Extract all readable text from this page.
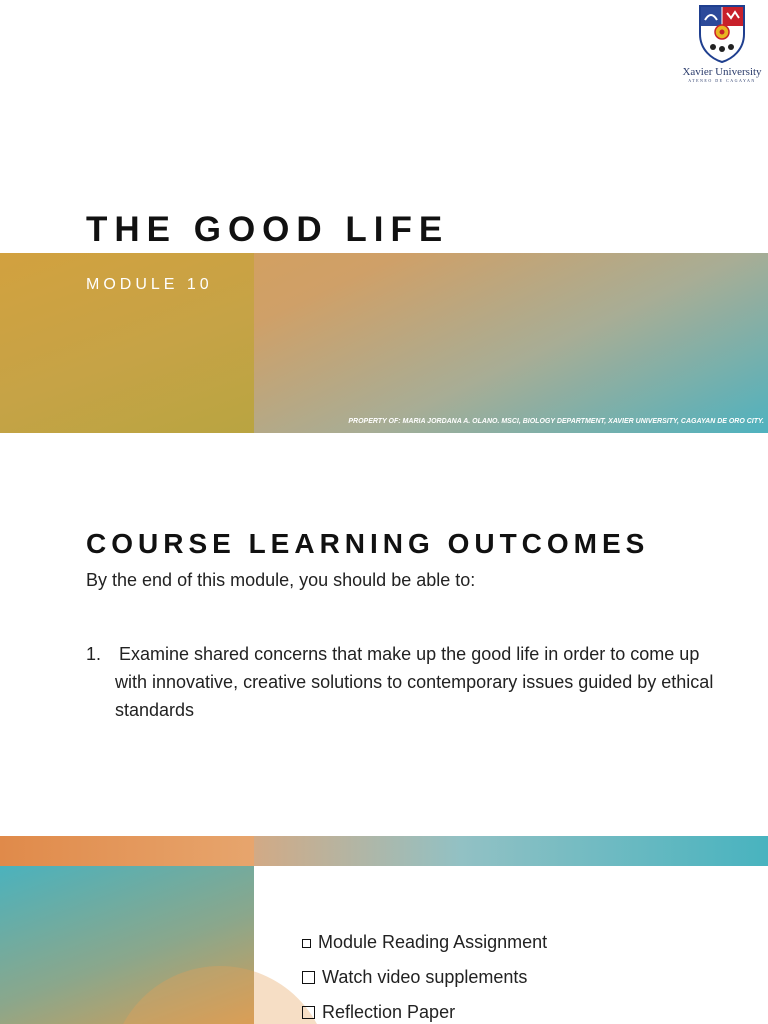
Xavier University
ATENEO DE CAGAYAN
THE GOOD LIFE
MODULE 10
PROPERTY OF: MARIA JORDANA A. OLANO. MSCI, BIOLOGY DEPARTMENT, XAVIER UNIVERSITY, CAGAYAN DE ORO CITY.
COURSE LEARNING OUTCOMES
By the end of this module, you should be able to:
1. Examine shared concerns that make up the good life in order to come up with innovative, creative solutions to contemporary issues guided by ethical standards
Module Reading Assignment
Watch video supplements
Reflection Paper
